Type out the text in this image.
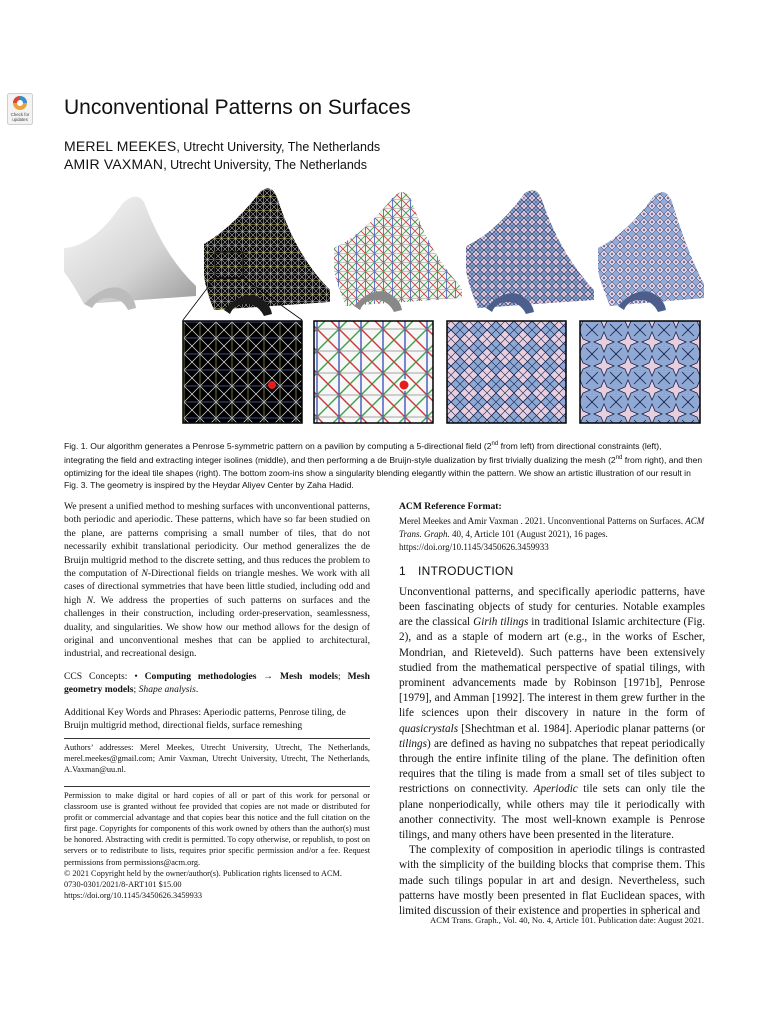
Check for updates
Unconventional Patterns on Surfaces
MEREL MEEKES, Utrecht University, The Netherlands
AMIR VAXMAN, Utrecht University, The Netherlands
Fig. 1. Our algorithm generates a Penrose 5-symmetric pattern on a pavilion by computing a 5-directional field (2nd from left) from directional constraints (left), integrating the field and extracting integer isolines (middle), and then performing a de Bruijn-style dualization by first trivially dualizing the mesh (2nd from right), and then optimizing for the ideal tile shapes (right). The bottom zoom-ins show a singularity blending elegantly within the pattern. We show an artistic illustration of our result in Fig. 3. The geometry is inspired by the Heydar Aliyev Center by Zaha Hadid.

We present a unified method to meshing surfaces with unconventional patterns, both periodic and aperiodic. These patterns, which have so far been studied on the plane, are patterns comprising a small number of tiles, that do not necessarily exhibit translational periodicity. Our method generalizes the de Bruijn multigrid method to the discrete setting, and thus reduces the problem to the computation of N-Directional fields on triangle meshes. We work with all cases of directional symmetries that have been little studied, including odd and high N. We address the properties of such patterns on surfaces and the challenges in their construction, including order-preservation, seamlessness, duality, and singularities. We show how our method allows for the design of original and unconventional meshes that can be applied to architectural, industrial, and recreational design.

CCS Concepts: • Computing methodologies → Mesh models; Mesh geometry models; Shape analysis.

Additional Key Words and Phrases: Aperiodic patterns, Penrose tiling, de Bruijn multigrid method, directional fields, surface remeshing

Authors’ addresses: Merel Meekes, Utrecht University, Utrecht, The Netherlands, merel.meekes@gmail.com; Amir Vaxman, Utrecht University, Utrecht, The Netherlands, A.Vaxman@uu.nl.
Permission to make digital or hard copies of all or part of this work for personal or classroom use is granted without fee provided that copies are not made or distributed for profit or commercial advantage and that copies bear this notice and the full citation on the first page. Copyrights for components of this work owned by others than the author(s) must be honored. Abstracting with credit is permitted. To copy otherwise, or republish, to post on servers or to redistribute to lists, requires prior specific permission and/or a fee. Request permissions from permissions@acm.org.
© 2021 Copyright held by the owner/author(s). Publication rights licensed to ACM.
0730-0301/2021/8-ART101 $15.00
https://doi.org/10.1145/3450626.3459933
ACM Reference Format:
Merel Meekes and Amir Vaxman . 2021. Unconventional Patterns on Surfaces. ACM Trans. Graph. 40, 4, Article 101 (August 2021), 16 pages. https://doi.org/10.1145/3450626.3459933
1 INTRODUCTION

Unconventional patterns, and specifically aperiodic patterns, have been fascinating objects of study for centuries. Notable examples are the classical Girih tilings in traditional Islamic architecture (Fig. 2), and as a staple of modern art (e.g., in the works of Escher, Mondrian, and Rieteveld). Such patterns have been extensively studied from the mathematical perspective of spatial tilings, with prominent advancements made by Robinson [1971b], Penrose [1979], and Amman [1992]. The interest in them grew further in the life sciences upon their discovery in nature in the form of quasicrystals [Shechtman et al. 1984]. Aperiodic planar patterns (or tilings) are defined as having no subpatches that repeat periodically through the entire infinite tiling of the plane. The definition often requires that the tiling is made from a small set of tiles subject to restrictions on connectivity. Aperiodic tile sets can only tile the plane nonperiodically, while others may tile it periodically with another connectivity. The most well-known example is Penrose tilings, and many others have been presented in the literature.

The complexity of composition in aperiodic tilings is contrasted with the simplicity of the building blocks that comprise them. This made such tilings popular in art and design. Nevertheless, such patterns have mostly been presented in flat Euclidean spaces, with limited discussion of their existence and properties in spherical and

ACM Trans. Graph., Vol. 40, No. 4, Article 101. Publication date: August 2021.
